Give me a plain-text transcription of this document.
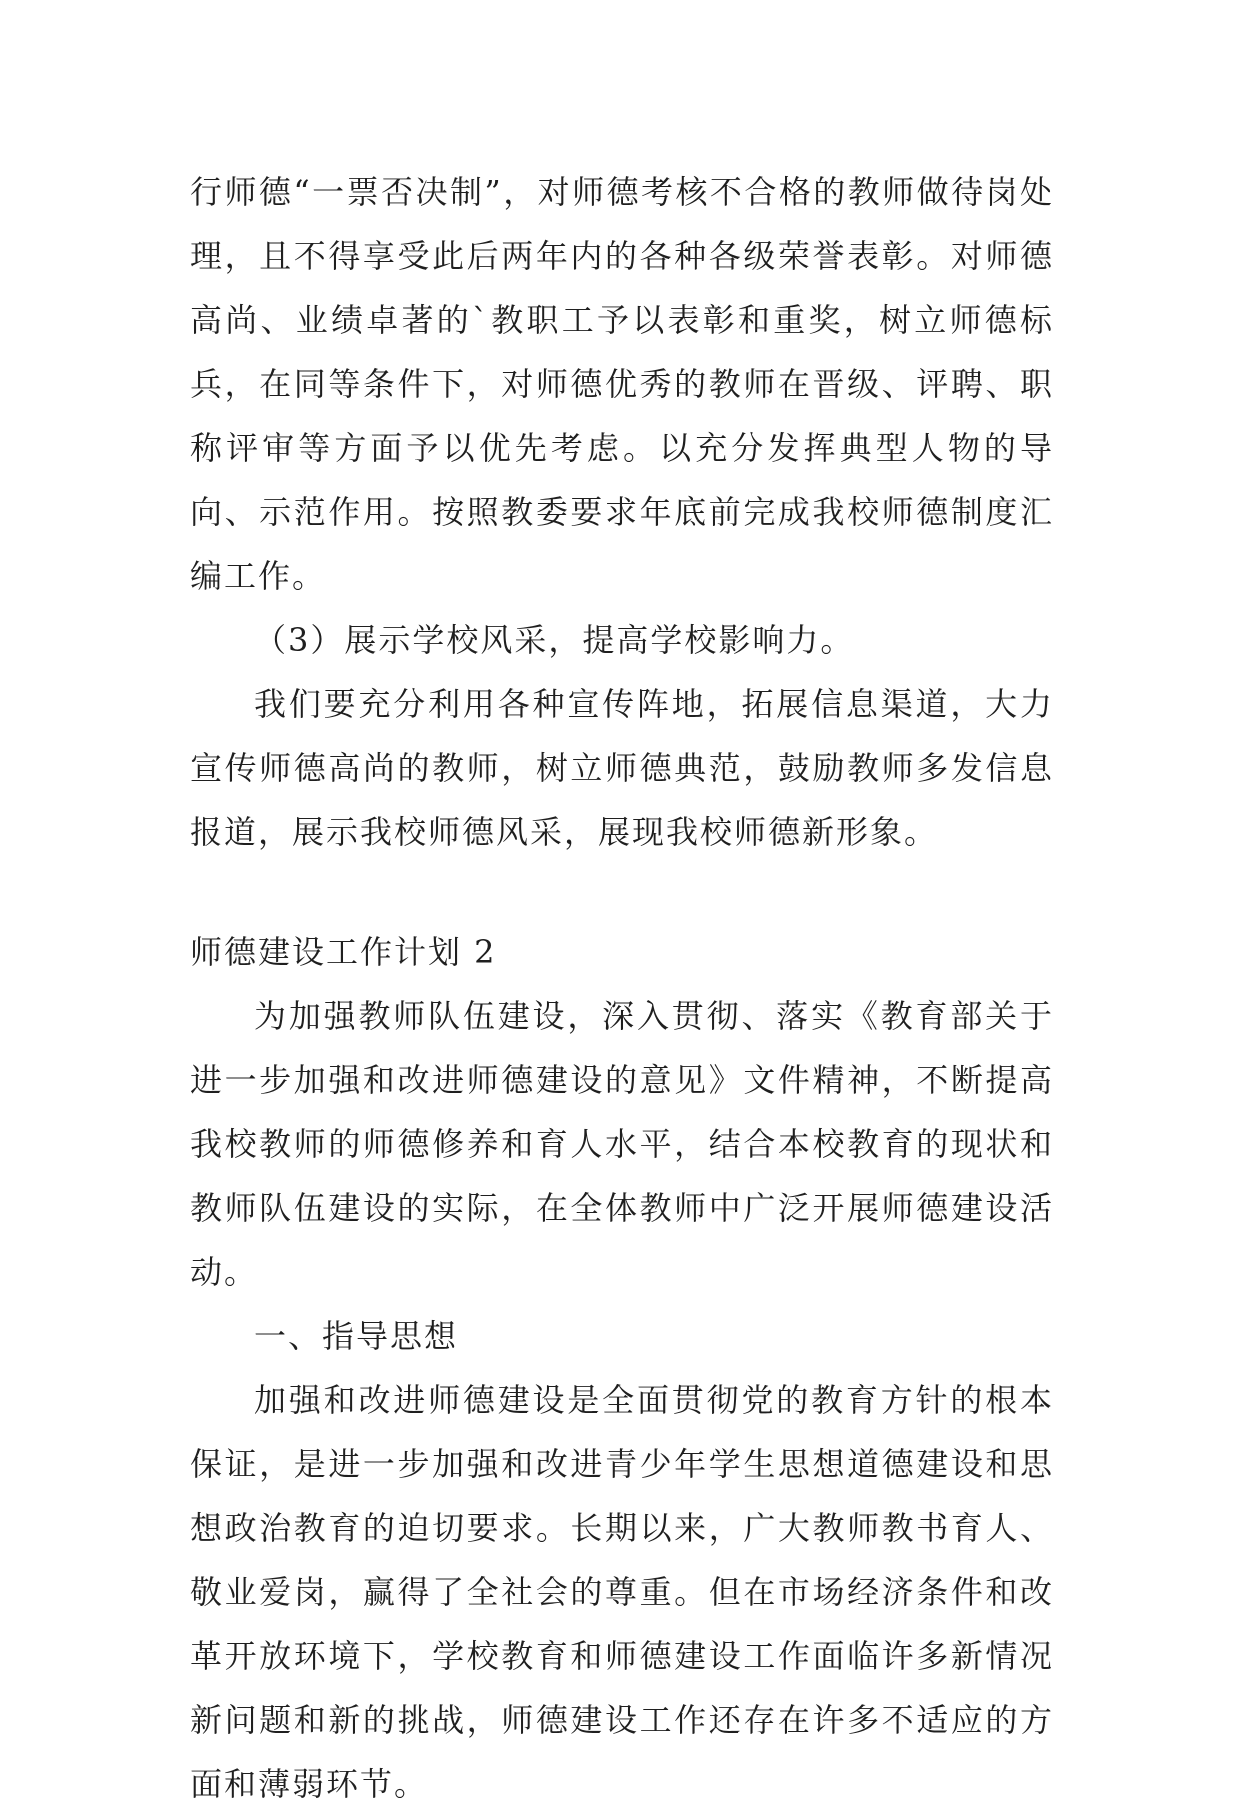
行师德“一票否决制”，对师德考核不合格的教师做待岗处理，且不得享受此后两年内的各种各级荣誉表彰。对师德高尚、业绩卓著的`教职工予以表彰和重奖，树立师德标兵，在同等条件下，对师德优秀的教师在晋级、评聘、职称评审等方面予以优先考虑。以充分发挥典型人物的导向、示范作用。按照教委要求年底前完成我校师德制度汇编工作。

（3）展示学校风采，提高学校影响力。

我们要充分利用各种宣传阵地，拓展信息渠道，大力宣传师德高尚的教师，树立师德典范，鼓励教师多发信息报道，展示我校师德风采，展现我校师德新形象。

师德建设工作计划 2

为加强教师队伍建设，深入贯彻、落实《教育部关于进一步加强和改进师德建设的意见》文件精神，不断提高我校教师的师德修养和育人水平，结合本校教育的现状和教师队伍建设的实际，在全体教师中广泛开展师德建设活动。

一、指导思想

加强和改进师德建设是全面贯彻党的教育方针的根本保证，是进一步加强和改进青少年学生思想道德建设和思想政治教育的迫切要求。长期以来，广大教师教书育人、敬业爱岗，赢得了全社会的尊重。但在市场经济条件和改革开放环境下，学校教育和师德建设工作面临许多新情况新问题和新的挑战，师德建设工作还存在许多不适应的方面和薄弱环节。
